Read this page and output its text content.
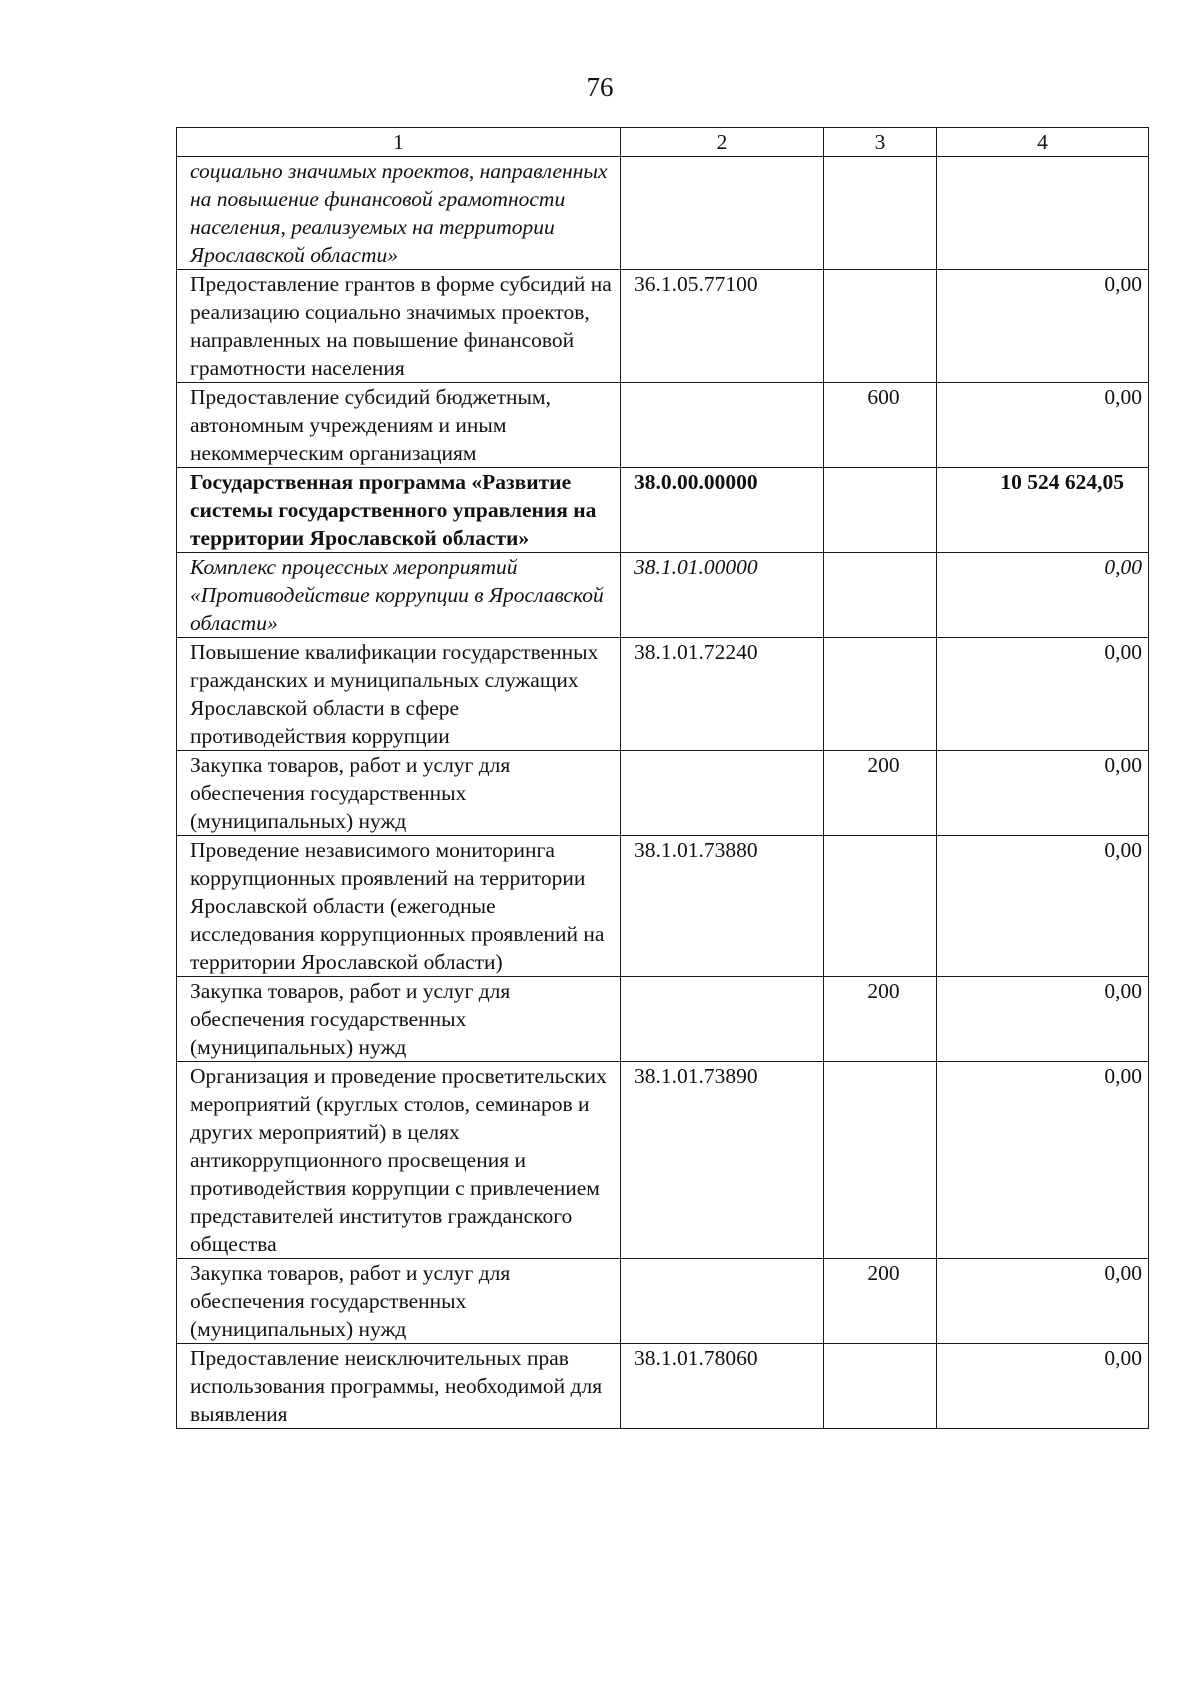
76
1	2	3	4
социально значимых проектов, направленных на повышение финансовой грамотности населения, реализуемых на территории Ярославской области»			
Предоставление грантов в форме субсидий на реализацию социально значимых проектов, направленных на повышение финансовой грамотности населения	36.1.05.77100		0,00
Предоставление субсидий бюджетным, автономным учреждениям и иным некоммерческим организациям		600	0,00
Государственная программа «Развитие системы государственного управления на территории Ярославской области»	38.0.00.00000		10 524 624,05
Комплекс процессных мероприятий «Противодействие коррупции в Ярославской области»	38.1.01.00000		0,00
Повышение квалификации государственных гражданских и муниципальных служащих Ярославской области в сфере противодействия коррупции	38.1.01.72240		0,00
Закупка товаров, работ и услуг для обеспечения государственных (муниципальных) нужд		200	0,00
Проведение независимого мониторинга коррупционных проявлений на территории Ярославской области (ежегодные исследования коррупционных проявлений на территории Ярославской области)	38.1.01.73880		0,00
Закупка товаров, работ и услуг для обеспечения государственных (муниципальных) нужд		200	0,00
Организация и проведение просветительских мероприятий (круглых столов, семинаров и других мероприятий) в целях антикоррупционного просвещения и противодействия коррупции с привлечением представителей институтов гражданского общества	38.1.01.73890		0,00
Закупка товаров, работ и услуг для обеспечения государственных (муниципальных) нужд		200	0,00
Предоставление неисключительных прав использования программы, необходимой для выявления	38.1.01.78060		0,00
